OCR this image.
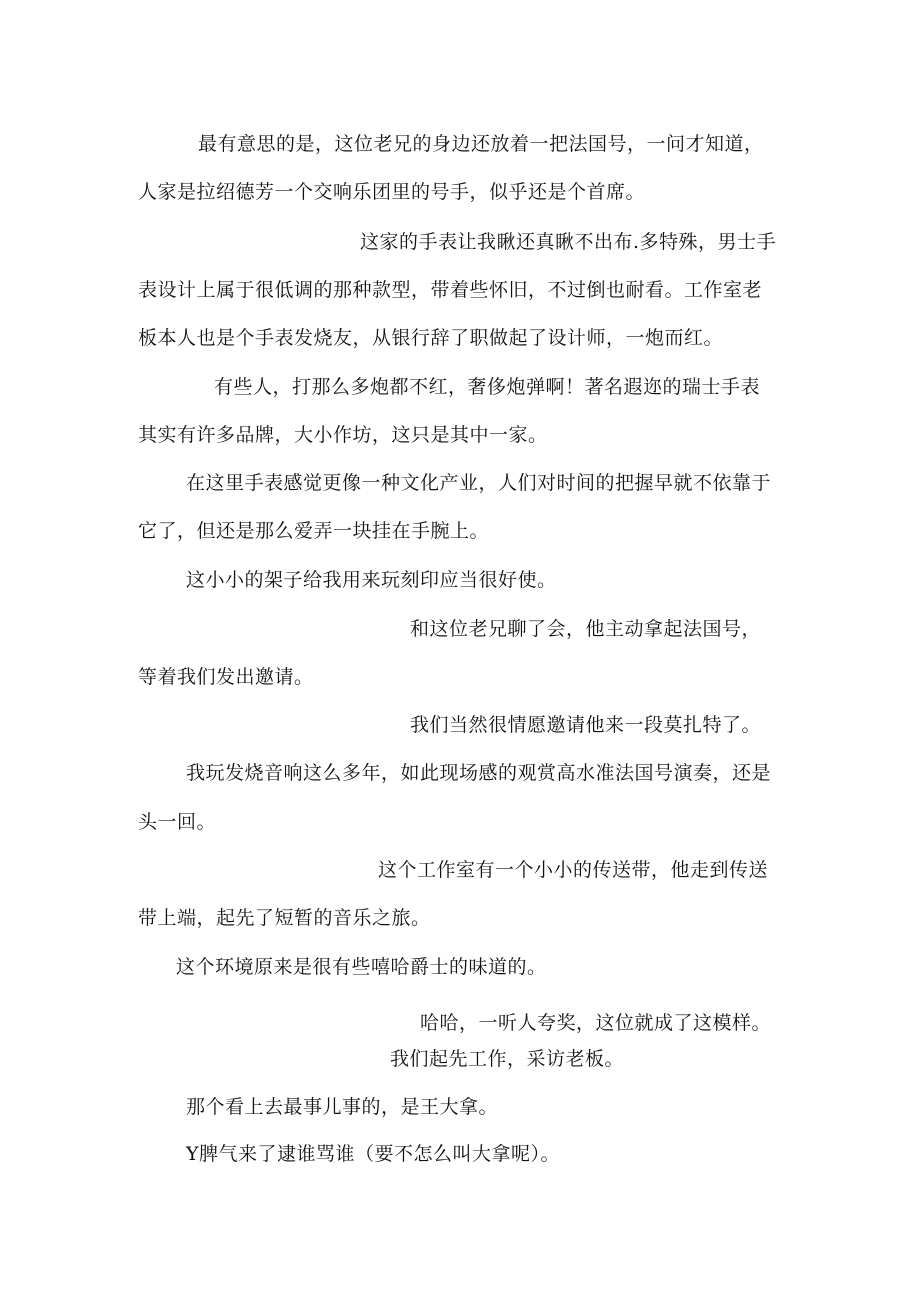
最有意思的是，这位老兄的身边还放着一把法国号，一问才知道，
人家是拉绍德芳一个交响乐团里的号手，似乎还是个首席。
这家的手表让我瞅还真瞅不出布.多特殊，男士手
表设计上属于很低调的那种款型，带着些怀旧，不过倒也耐看。工作室老
板本人也是个手表发烧友，从银行辞了职做起了设计师，一炮而红。
有些人，打那么多炮都不红，奢侈炮弹啊！著名遐迩的瑞士手表
其实有许多品牌，大小作坊，这只是其中一家。
在这里手表感觉更像一种文化产业，人们对时间的把握早就不依靠于
它了，但还是那么爱弄一块挂在手腕上。
这小小的架子给我用来玩刻印应当很好使。
和这位老兄聊了会，他主动拿起法国号，
等着我们发出邀请。
我们当然很情愿邀请他来一段莫扎特了。
我玩发烧音响这么多年，如此现场感的观赏高水准法国号演奏，还是
头一回。
这个工作室有一个小小的传送带，他走到传送
带上端，起先了短暂的音乐之旅。
这个环境原来是很有些嘻哈爵士的味道的。
哈哈，一听人夸奖，这位就成了这模样。
我们起先工作，采访老板。
那个看上去最事儿事的，是王大拿。
Y脾气来了逮谁骂谁（要不怎么叫大拿呢）。
